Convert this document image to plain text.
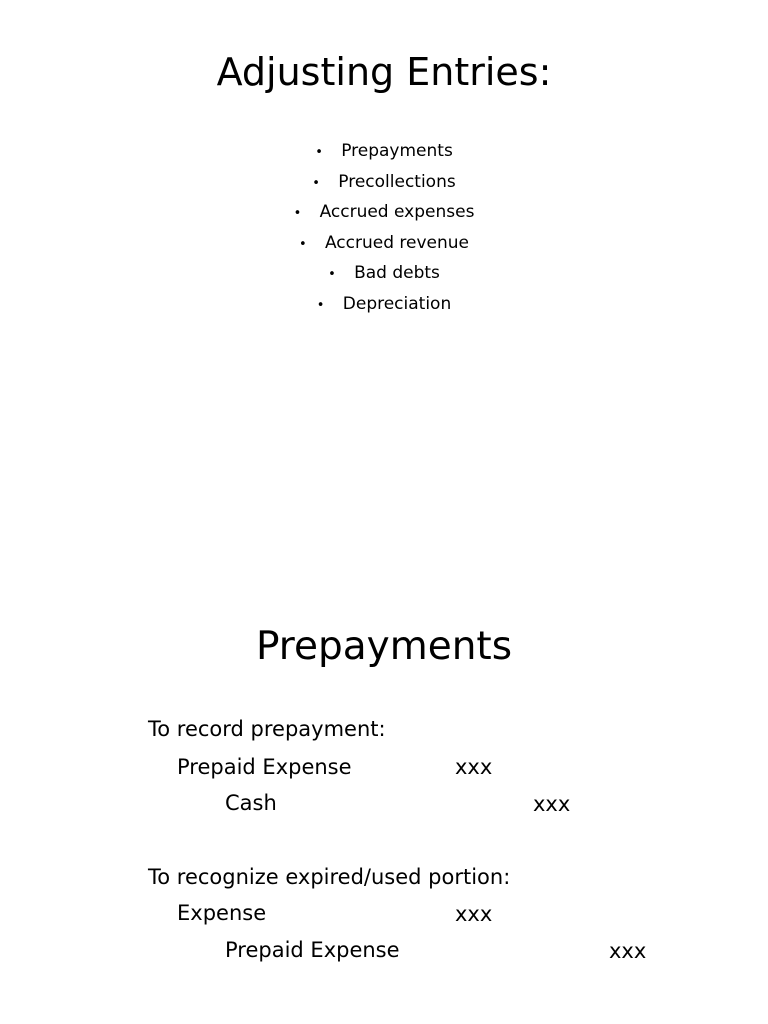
Adjusting Entries:
• Prepayments
• Precollections
• Accrued expenses
• Accrued revenue
• Bad debts
• Depreciation
Prepayments
To record prepayment:
Prepaid Expense	xxx
Cash	xxx
To recognize expired/used portion:
Expense	xxx
Prepaid Expense	xxx
